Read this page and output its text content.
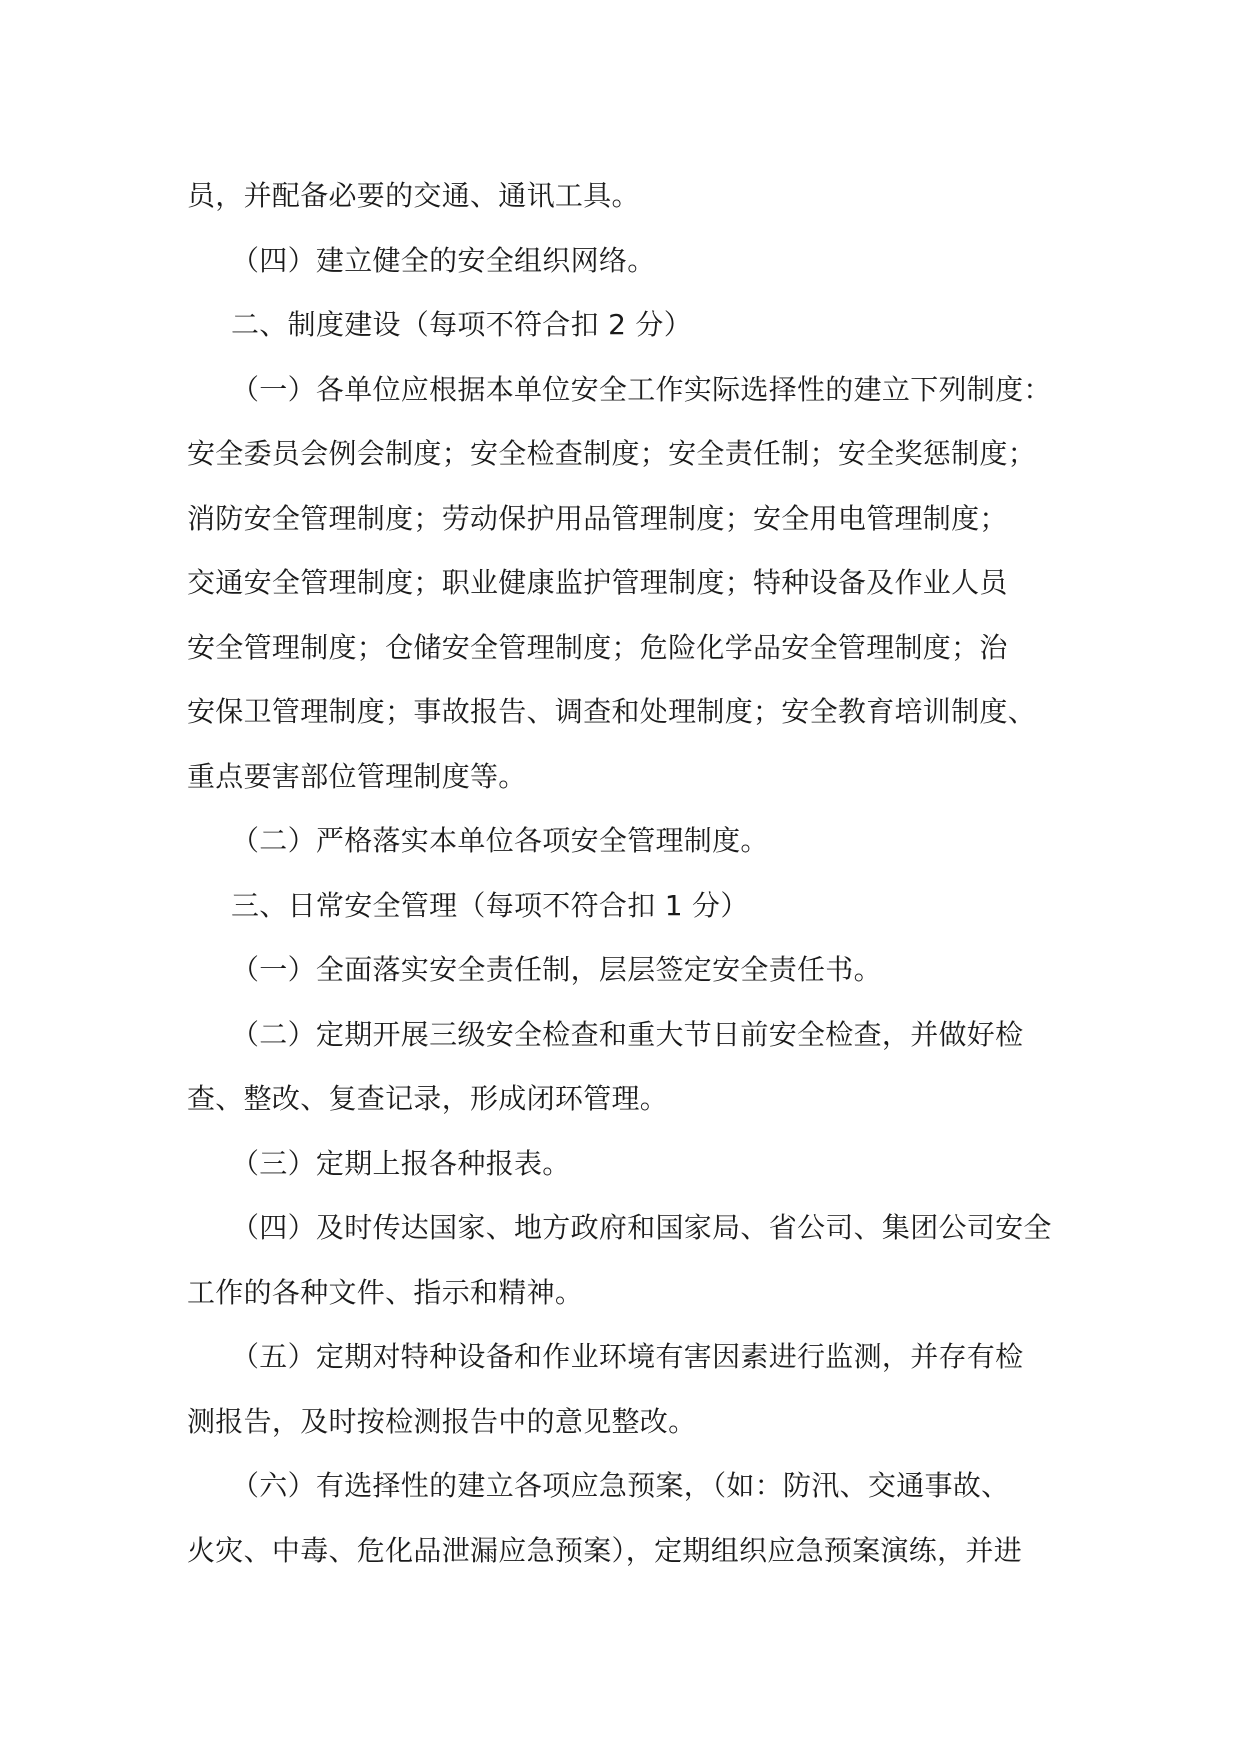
员，并配备必要的交通、通讯工具。
（四）建立健全的安全组织网络。
二、制度建设（每项不符合扣 2 分）
（一）各单位应根据本单位安全工作实际选择性的建立下列制度：
安全委员会例会制度；安全检查制度；安全责任制；安全奖惩制度；
消防安全管理制度；劳动保护用品管理制度；安全用电管理制度；
交通安全管理制度；职业健康监护管理制度；特种设备及作业人员
安全管理制度；仓储安全管理制度；危险化学品安全管理制度；治
安保卫管理制度；事故报告、调查和处理制度；安全教育培训制度、
重点要害部位管理制度等。
（二）严格落实本单位各项安全管理制度。
三、日常安全管理（每项不符合扣 1 分）
（一）全面落实安全责任制，层层签定安全责任书。
（二）定期开展三级安全检查和重大节日前安全检查，并做好检
查、整改、复查记录，形成闭环管理。
（三）定期上报各种报表。
（四）及时传达国家、地方政府和国家局、省公司、集团公司安全
工作的各种文件、指示和精神。
（五）定期对特种设备和作业环境有害因素进行监测，并存有检
测报告，及时按检测报告中的意见整改。
（六）有选择性的建立各项应急预案，（如：防汛、交通事故、
火灾、中毒、危化品泄漏应急预案），定期组织应急预案演练，并进
